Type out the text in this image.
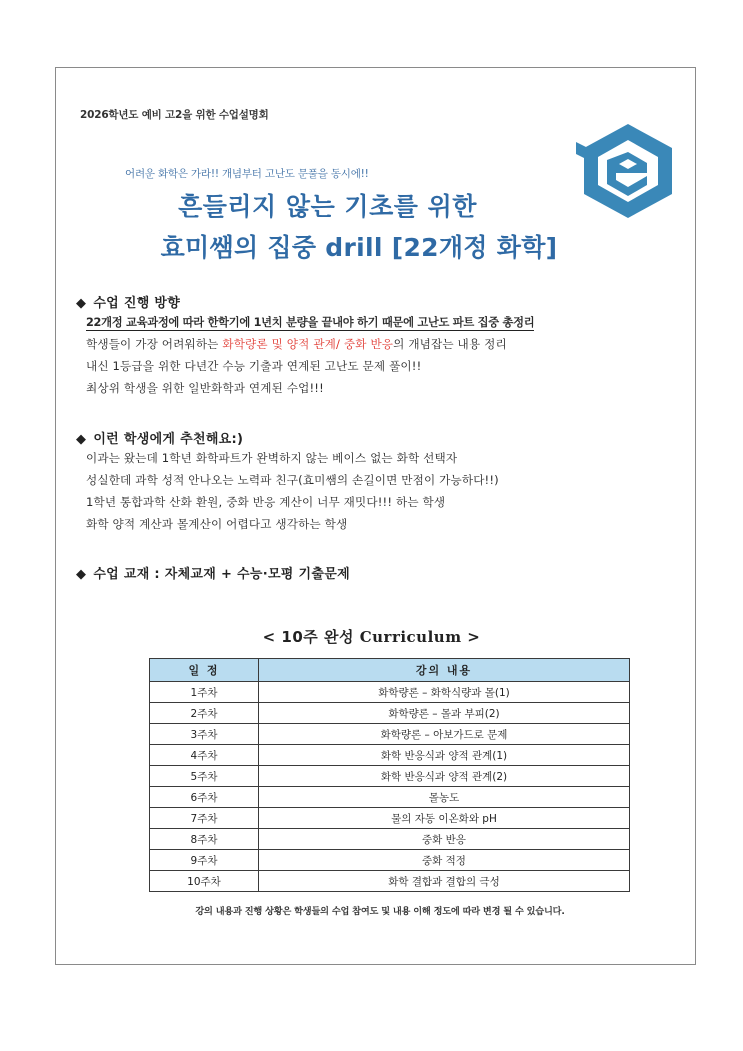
2026학년도 예비 고2을 위한 수업설명회
어려운 화학은 가라!! 개념부터 고난도 문풀을 동시에!!
흔들리지 않는 기초를 위한
효미쌤의 집중 drill [22개정 화학]
◆ 수업 진행 방향
22개정 교육과정에 따라 한학기에 1년치 분량을 끝내야 하기 때문에 고난도 파트 집중 총정리
학생들이 가장 어려워하는 화학량론 및 양적 관계/ 중화 반응의 개념잡는 내용 정리
내신 1등급을 위한 다년간 수능 기출과 연계된 고난도 문제 풀이!!
최상위 학생을 위한 일반화학과 연계된 수업!!!
◆ 이런 학생에게 추천해요:)
이과는 왔는데 1학년 화학파트가 완벽하지 않는 베이스 없는 화학 선택자
성실한데 과학 성적 안나오는 노력파 친구(효미쌤의 손길이면 만점이 가능하다!!)
1학년 통합과학 산화 환원, 중화 반응 계산이 너무 재밋다!!! 하는 학생
화학 양적 계산과 몰계산이 어렵다고 생각하는 학생
◆ 수업 교재 : 자체교재 + 수능·모평 기출문제
< 10주 완성 Curriculum >
일 정	강의 내용
1주차	화학량론 – 화학식량과 몰(1)
2주차	화학량론 – 몰과 부피(2)
3주차	화학량론 – 아보가드로 문제
4주차	화학 반응식과 양적 관계(1)
5주차	화학 반응식과 양적 관계(2)
6주차	몰농도
7주차	물의 자동 이온화와 pH
8주차	중화 반응
9주차	중화 적정
10주차	화학 결합과 결합의 극성
강의 내용과 진행 상황은 학생들의 수업 참여도 및 내용 이해 정도에 따라 변경 될 수 있습니다.
